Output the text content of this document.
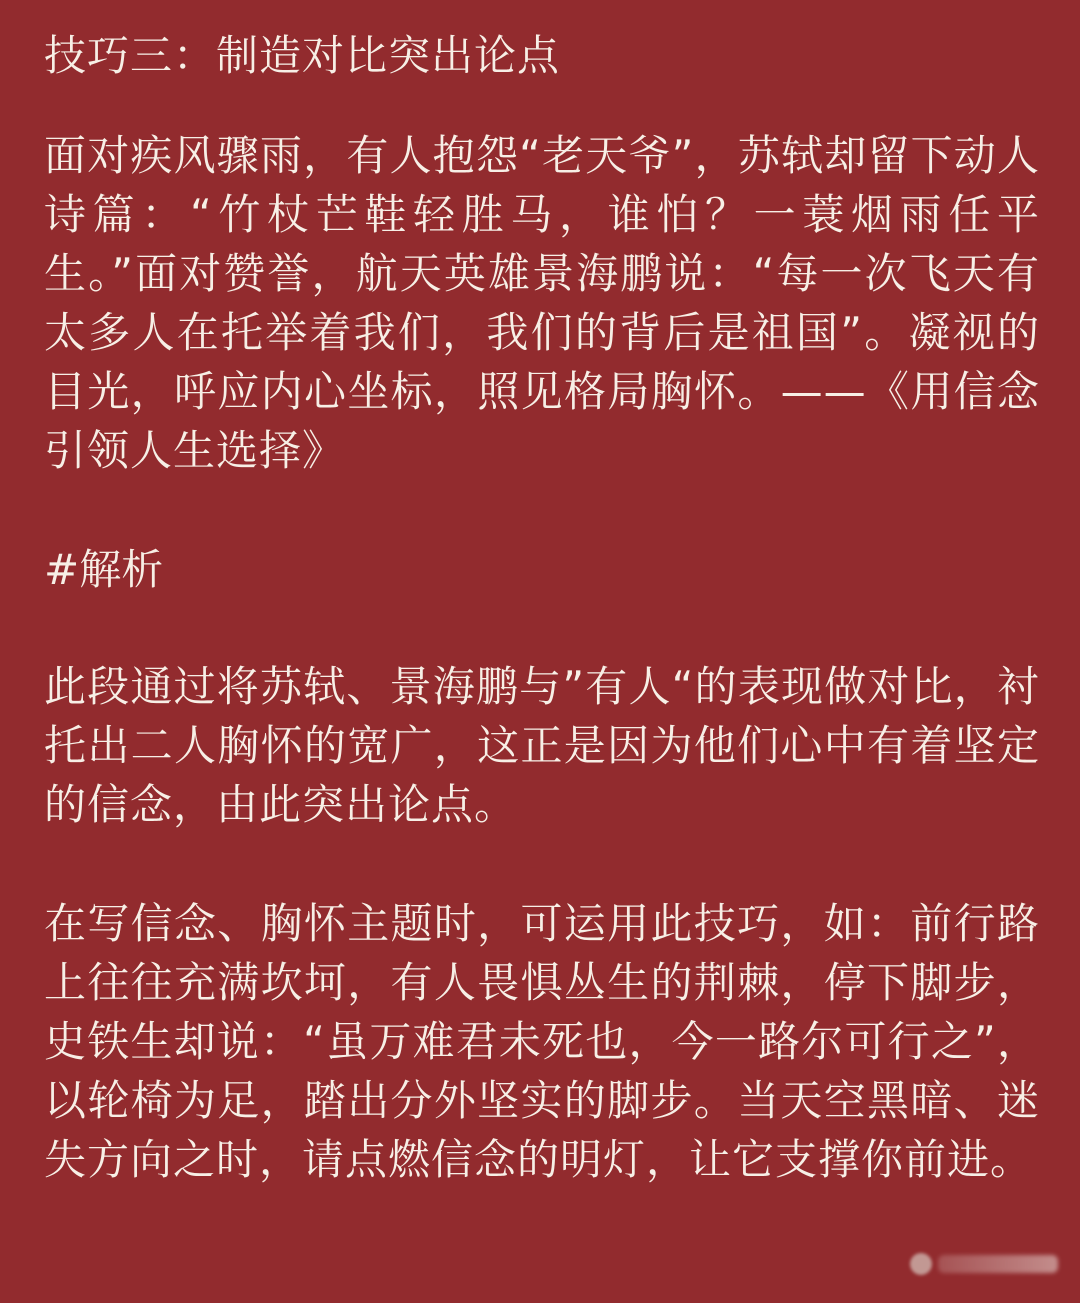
技巧三：制造对比突出论点
面对疾风骤雨，有人抱怨“老天爷”，苏轼却留下动人诗篇：“竹杖芒鞋轻胜马，谁怕？一蓑烟雨任平生。”面对赞誉，航天英雄景海鹏说：“每一次飞天有太多人在托举着我们，我们的背后是祖国”。凝视的目光，呼应内心坐标，照见格局胸怀。——《用信念引领人生选择》
#解析
此段通过将苏轼、景海鹏与”有人“的表现做对比，衬托出二人胸怀的宽广，这正是因为他们心中有着坚定的信念，由此突出论点。
在写信念、胸怀主题时，可运用此技巧，如：前行路上往往充满坎坷，有人畏惧丛生的荆棘，停下脚步，史铁生却说：“虽万难君未死也，今一路尔可行之”，以轮椅为足，踏出分外坚实的脚步。当天空黑暗、迷失方向之时，请点燃信念的明灯，让它支撑你前进。
